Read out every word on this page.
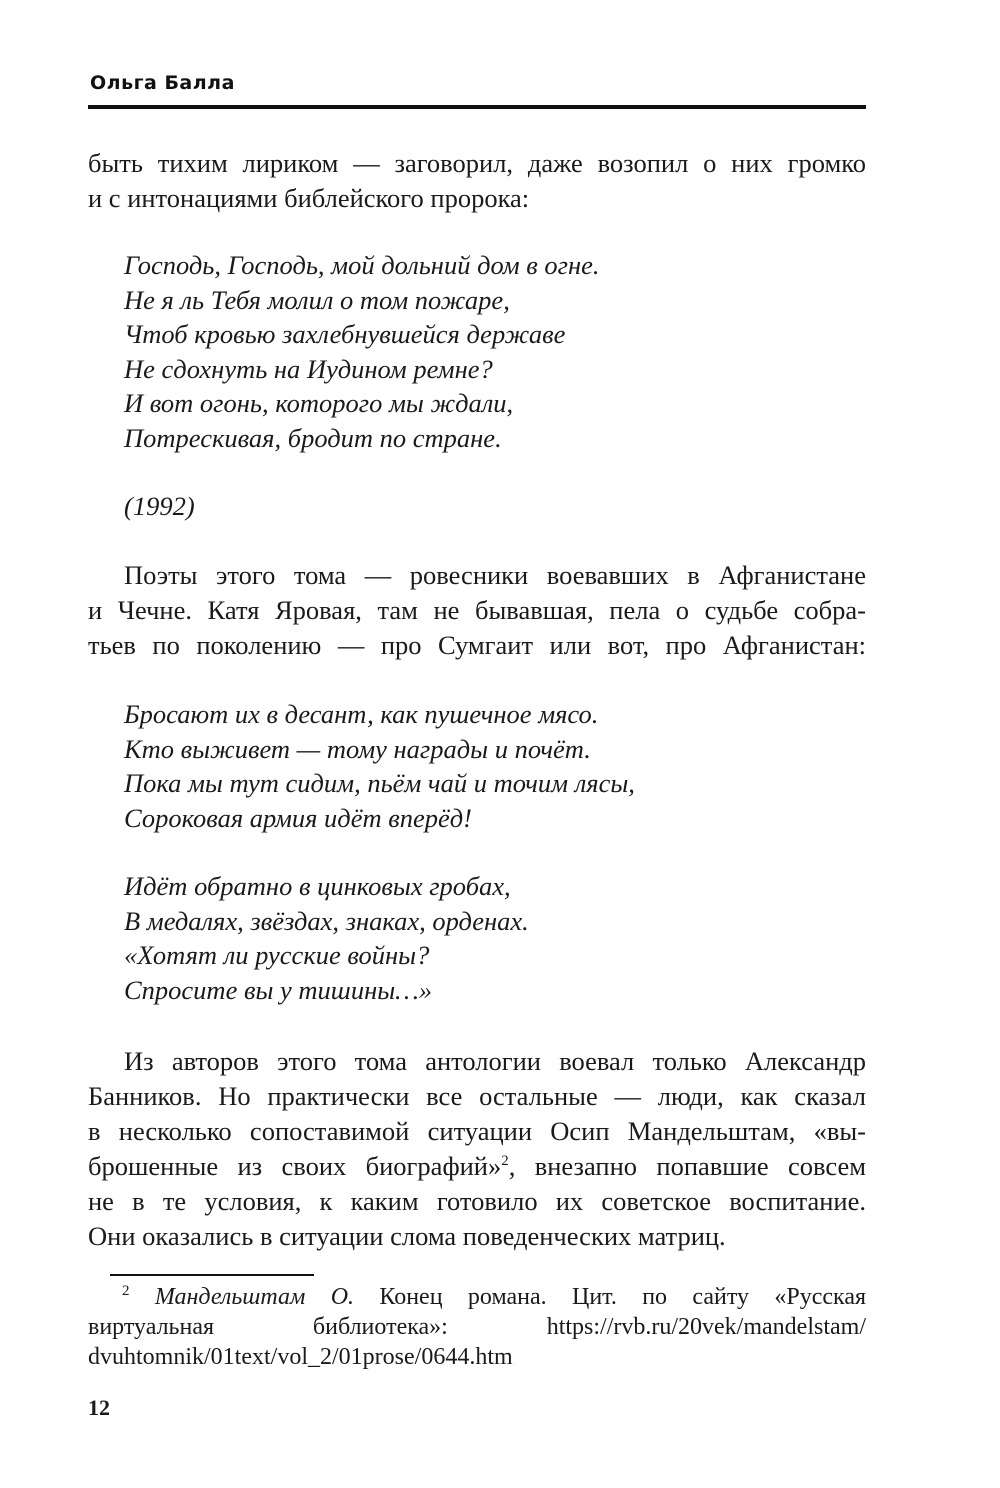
Ольга Балла
быть тихим лириком — заговорил, даже возопил о них громко
и с интонациями библейского пророка:
Господь, Господь, мой дольний дом в огне.
Не я ль Тебя молил о том пожаре,
Чтоб кровью захлебнувшейся державе
Не сдохнуть на Иудином ремне?
И вот огонь, которого мы ждали,
Потрескивая, бродит по стране.
(1992)
Поэты этого тома — ровесники воевавших в Афганистане
и Чечне. Катя Яровая, там не бывавшая, пела о судьбе собра-
тьев по поколению — про Сумгаит или вот, про Афганистан:
Бросают их в десант, как пушечное мясо.
Кто выживет — тому награды и почёт.
Пока мы тут сидим, пьём чай и точим лясы,
Сороковая армия идёт вперёд!
Идёт обратно в цинковых гробах,
В медалях, звёздах, знаках, орденах.
«Хотят ли русские войны?
Спросите вы у тишины…»
Из авторов этого тома антологии воевал только Александр
Банников. Но практически все остальные — люди, как сказал
в несколько сопоставимой ситуации Осип Мандельштам, «вы-
брошенные из своих биографий»$^2$, внезапно попавшие совсем
не в те условия, к каким готовило их советское воспитание.
Они оказались в ситуации слома поведенческих матриц.
$^2$ Мандельштам О. Конец романа. Цит. по сайту «Русская
виртуальная библиотека»: https://rvb.ru/20vek/mandelstam/
dvuhtomnik/01text/vol_2/01prose/0644.htm
12
